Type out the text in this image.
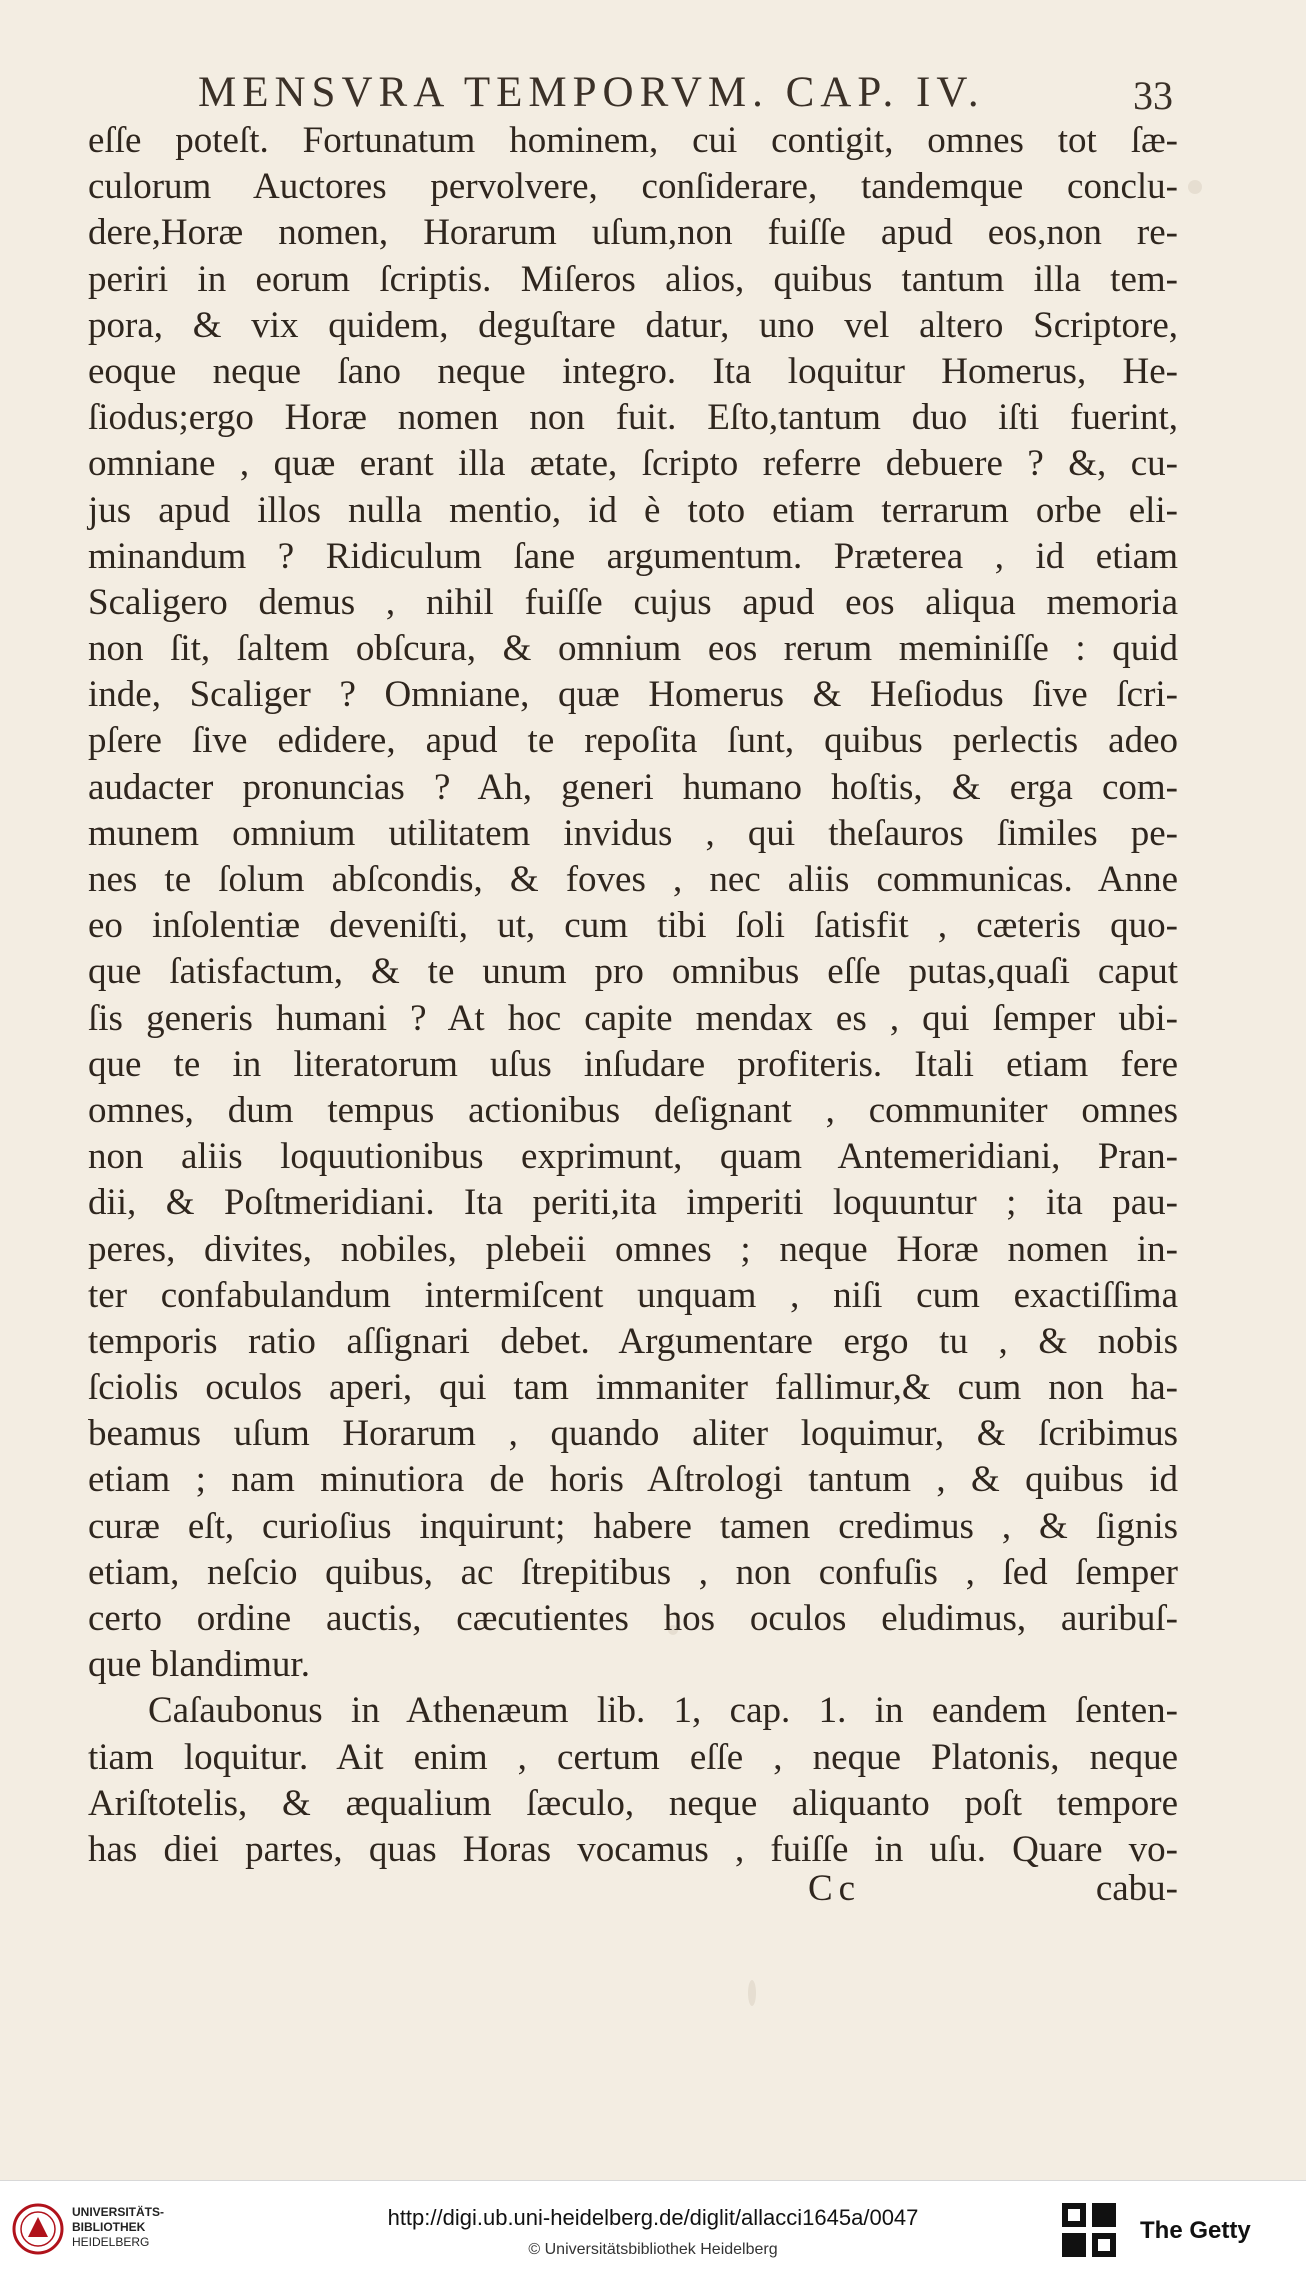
MENSVRA TEMPORVM. CAP. IV.	33
eſſe poteſt. Fortunatum hominem, cui contigit, omnes tot ſæ-
culorum Auctores pervolvere, conſiderare, tandemque conclu-
dere,Horæ nomen, Horarum uſum,non fuiſſe apud eos,non re-
periri in eorum ſcriptis. Miſeros alios, quibus tantum illa tem-
pora, & vix quidem, deguſtare datur, uno vel altero Scriptore,
eoque neque ſano neque integro. Ita loquitur Homerus, He-
ſiodus;ergo Horæ nomen non fuit. Eſto,tantum duo iſti fuerint,
omniane , quæ erant illa ætate, ſcripto referre debuere ? &, cu-
jus apud illos nulla mentio, id è toto etiam terrarum orbe eli-
minandum ? Ridiculum ſane argumentum. Præterea , id etiam
Scaligero demus , nihil fuiſſe cujus apud eos aliqua memoria
non ſit, ſaltem obſcura, & omnium eos rerum meminiſſe : quid
inde, Scaliger ? Omniane, quæ Homerus & Heſiodus ſive ſcri-
pſere ſive edidere, apud te repoſita ſunt, quibus perlectis adeo
audacter pronuncias ? Ah, generi humano hoſtis, & erga com-
munem omnium utilitatem invidus , qui theſauros ſimiles pe-
nes te ſolum abſcondis, & foves , nec aliis communicas. Anne
eo inſolentiæ deveniſti, ut, cum tibi ſoli ſatisfit , cæteris quo-
que ſatisfactum, & te unum pro omnibus eſſe putas,quaſi caput
ſis generis humani ? At hoc capite mendax es , qui ſemper ubi-
que te in literatorum uſus inſudare profiteris. Itali etiam fere
omnes, dum tempus actionibus deſignant , communiter omnes
non aliis loquutionibus exprimunt, quam Antemeridiani, Pran-
dii, & Poſtmeridiani. Ita periti,ita imperiti loquuntur ; ita pau-
peres, divites, nobiles, plebeii omnes ; neque Horæ nomen in-
ter confabulandum intermiſcent unquam , niſi cum exactiſſima
temporis ratio aſſignari debet. Argumentare ergo tu , & nobis
ſciolis oculos aperi, qui tam immaniter fallimur,& cum non ha-
beamus uſum Horarum , quando aliter loquimur, & ſcribimus
etiam ; nam minutiora de horis Aſtrologi tantum , & quibus id
curæ eſt, curioſius inquirunt; habere tamen credimus , & ſignis
etiam, neſcio quibus, ac ſtrepitibus , non confuſis , ſed ſemper
certo ordine auctis, cæcutientes hos oculos eludimus, auribuſ-
que blandimur.
Caſaubonus in Athenæum lib. 1, cap. 1. in eandem ſenten-
tiam loquitur. Ait enim , certum eſſe , neque Platonis, neque
Ariſtotelis, & æqualium ſæculo, neque aliquanto poſt tempore
has diei partes, quas Horas vocamus , fuiſſe in uſu. Quare vo-
Cc	cabu-
UNIVERSITÄTS-
BIBLIOTHEK
HEIDELBERG
http://digi.ub.uni-heidelberg.de/diglit/allacci1645a/0047
© Universitätsbibliothek Heidelberg
The Getty
